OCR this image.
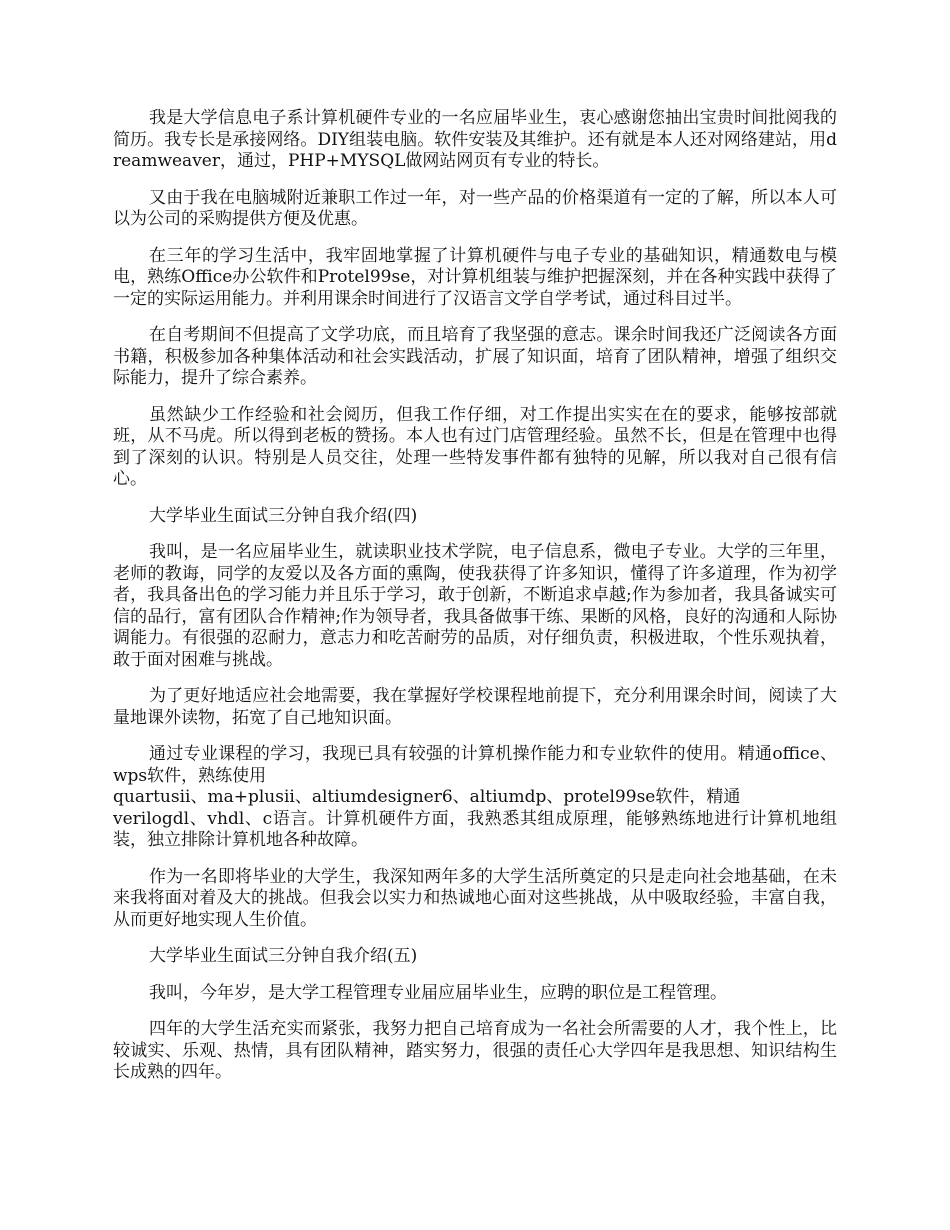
我是大学信息电子系计算机硬件专业的一名应届毕业生，衷心感谢您抽出宝贵时间批阅我的简历。我专长是承接网络。DIY组装电脑。软件安装及其维护。还有就是本人还对网络建站，用dreamweaver，通过，PHP+MYSQL做网站网页有专业的特长。

又由于我在电脑城附近兼职工作过一年，对一些产品的价格渠道有一定的了解，所以本人可以为公司的采购提供方便及优惠。

在三年的学习生活中，我牢固地掌握了计算机硬件与电子专业的基础知识，精通数电与模电，熟练Office办公软件和Protel99se，对计算机组装与维护把握深刻，并在各种实践中获得了一定的实际运用能力。并利用课余时间进行了汉语言文学自学考试，通过科目过半。

在自考期间不但提高了文学功底，而且培育了我坚强的意志。课余时间我还广泛阅读各方面书籍，积极参加各种集体活动和社会实践活动，扩展了知识面，培育了团队精神，增强了组织交际能力，提升了综合素养。

虽然缺少工作经验和社会阅历，但我工作仔细，对工作提出实实在在的要求，能够按部就班，从不马虎。所以得到老板的赞扬。本人也有过门店管理经验。虽然不长，但是在管理中也得到了深刻的认识。特别是人员交往，处理一些特发事件都有独特的见解，所以我对自己很有信心。

大学毕业生面试三分钟自我介绍(四)

我叫，是一名应届毕业生，就读职业技术学院，电子信息系，微电子专业。大学的三年里，老师的教诲，同学的友爱以及各方面的熏陶，使我获得了许多知识，懂得了许多道理，作为初学者，我具备出色的学习能力并且乐于学习，敢于创新，不断追求卓越;作为参加者，我具备诚实可信的品行，富有团队合作精神;作为领导者，我具备做事干练、果断的风格，良好的沟通和人际协调能力。有很强的忍耐力，意志力和吃苦耐劳的品质，对仔细负责，积极进取，个性乐观执着，敢于面对困难与挑战。

为了更好地适应社会地需要，我在掌握好学校课程地前提下，充分利用课余时间，阅读了大量地课外读物，拓宽了自己地知识面。

通过专业课程的学习，我现已具有较强的计算机操作能力和专业软件的使用。精通office、wps软件，熟练使用
quartusii、ma+plusii、altiumdesigner6、altiumdp、protel99se软件，精通
verilogdl、vhdl、c语言。计算机硬件方面，我熟悉其组成原理，能够熟练地进行计算机地组装，独立排除计算机地各种故障。

作为一名即将毕业的大学生，我深知两年多的大学生活所奠定的只是走向社会地基础，在未来我将面对着及大的挑战。但我会以实力和热诚地心面对这些挑战，从中吸取经验，丰富自我，从而更好地实现人生价值。

大学毕业生面试三分钟自我介绍(五)

我叫，今年岁，是大学工程管理专业届应届毕业生，应聘的职位是工程管理。

四年的大学生活充实而紧张，我努力把自己培育成为一名社会所需要的人才，我个性上，比较诚实、乐观、热情，具有团队精神，踏实努力，很强的责任心大学四年是我思想、知识结构生长成熟的四年。
